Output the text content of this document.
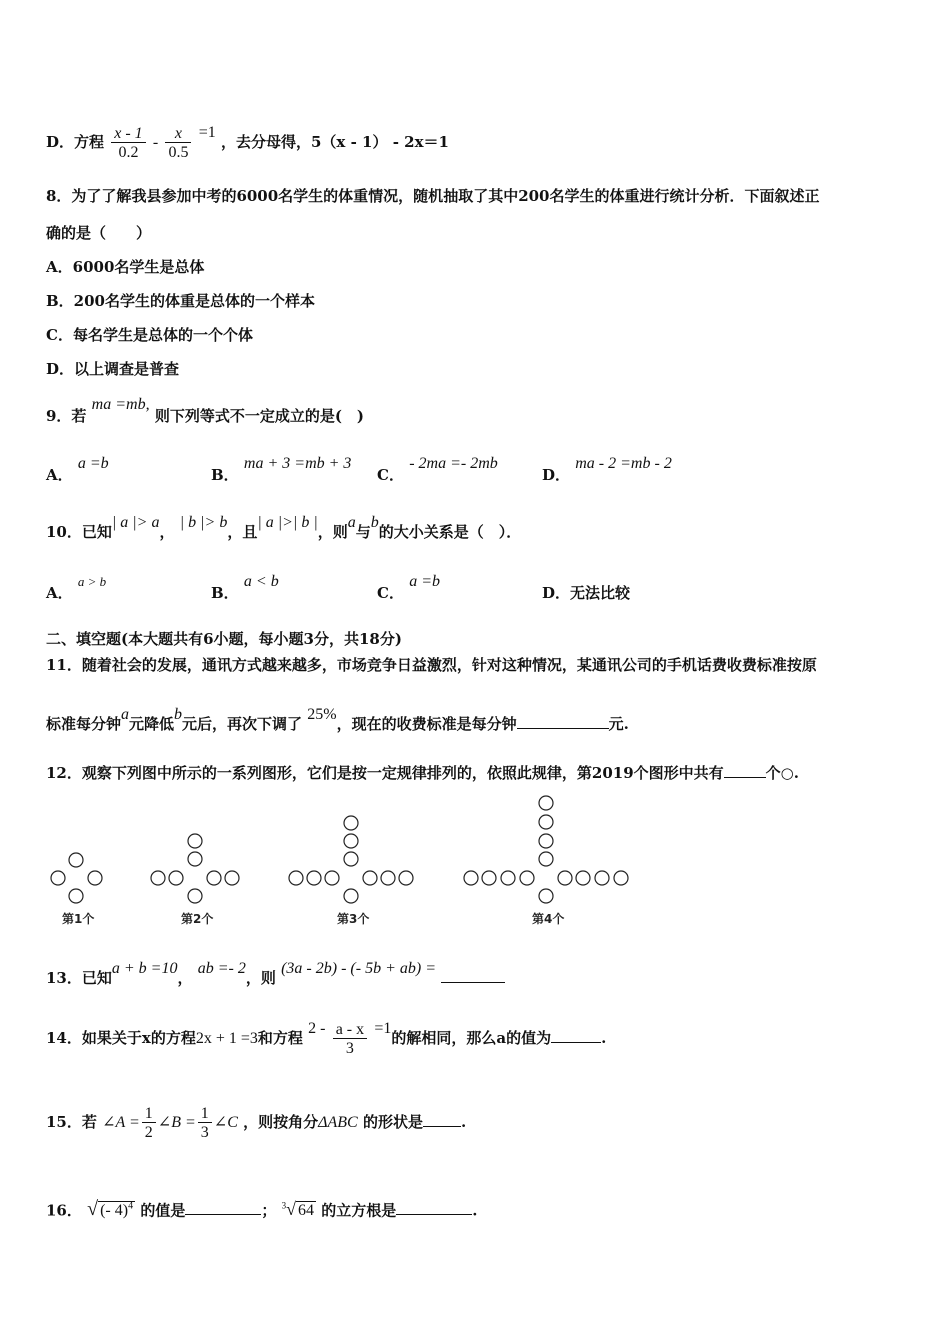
D．方程 $\frac{x - 1}{0.2} - \frac{x}{0.5} =1$ ，去分母得，5（x - 1） - 2x＝1
8．为了了解我县参加中考的6000名学生的体重情况，随机抽取了其中200名学生的体重进行统计分析．下面叙述正
确的是（　　）
A．6000名学生是总体
B．200名学生的体重是总体的一个样本
C．每名学生是总体的一个个体
D．以上调查是普查
9．若 ma =mb, 则下列等式不一定成立的是(　)
A． a =b
B． ma + 3 =mb + 3
C． - 2ma =- 2mb
D． ma - 2 =mb - 2
10．已知| a |> a， | b |> b，且| a |>| b |，则a与b的大小关系是（　）．
A． a > b
B． a < b
C． a =b
D．无法比较
二、填空题(本大题共有6小题，每小题3分，共18分)
11．随着社会的发展，通讯方式越来越多，市场竞争日益激烈，针对这种情况，某通讯公司的手机话费收费标准按原
标准每分钟a元降低b元后，再次下调了 25%，现在的收费标准是每分钟	元.
12．观察下列图中所示的一系列图形，它们是按一定规律排列的，依照此规律，第2019个图形中共有	个○.
第1个	第2个	第3个	第4个
13．已知a + b =10， ab =- 2，则 (3a - 2b) - (- 5b + ab) =
14．如果关于x的方程2x + 1 =3和方程 $2 - \frac{a - x}{3} =1$的解相同，那么a的值为	.
15．若 ∠A = $\frac{1}{2}$ ∠B = $\frac{1}{3}$ ∠C ，则按角分ΔABC 的形状是	.
16． √ (- 4)$^4$ 的值是	； $^3$√ 64 的立方根是	.
